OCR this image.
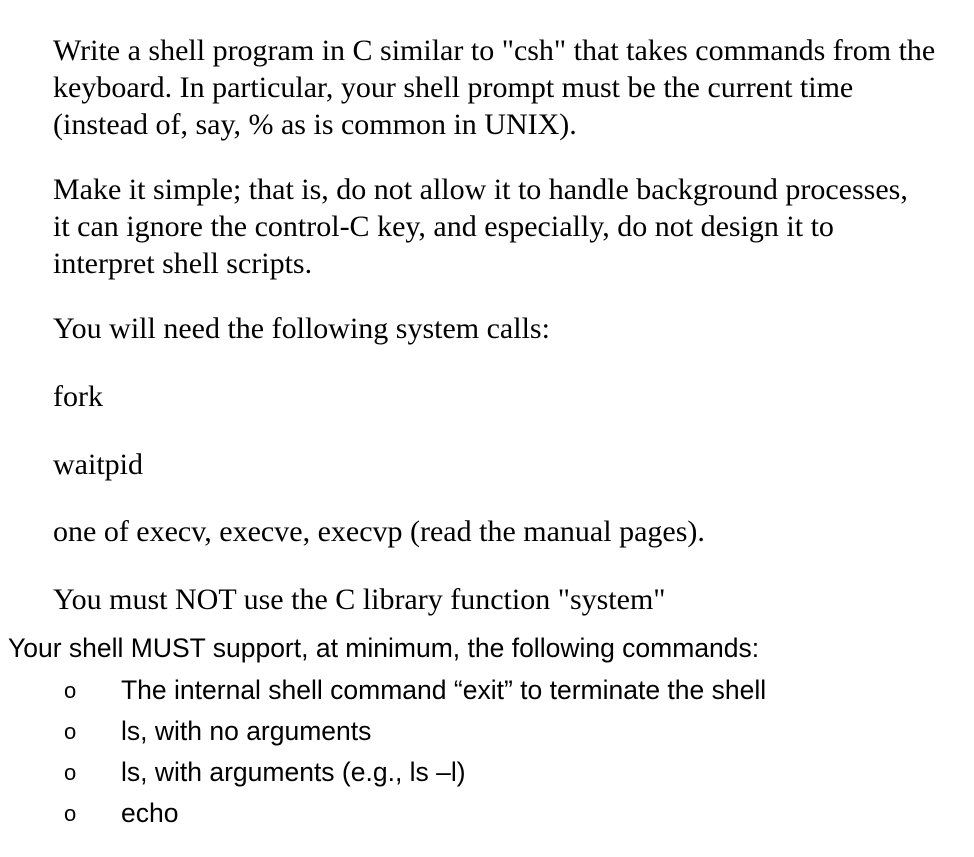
Write a shell program in C similar to "csh" that takes commands from the
keyboard. In particular, your shell prompt must be the current time
(instead of, say, % as is common in UNIX).
Make it simple; that is, do not allow it to handle background processes,
it can ignore the control-C key, and especially, do not design it to
interpret shell scripts.
You will need the following system calls:
fork
waitpid
one of execv, execve, execvp (read the manual pages).
You must NOT use the C library function "system"
Your shell MUST support, at minimum, the following commands:
o The internal shell command “exit” to terminate the shell
o ls, with no arguments
o ls, with arguments (e.g., ls –l)
o echo
